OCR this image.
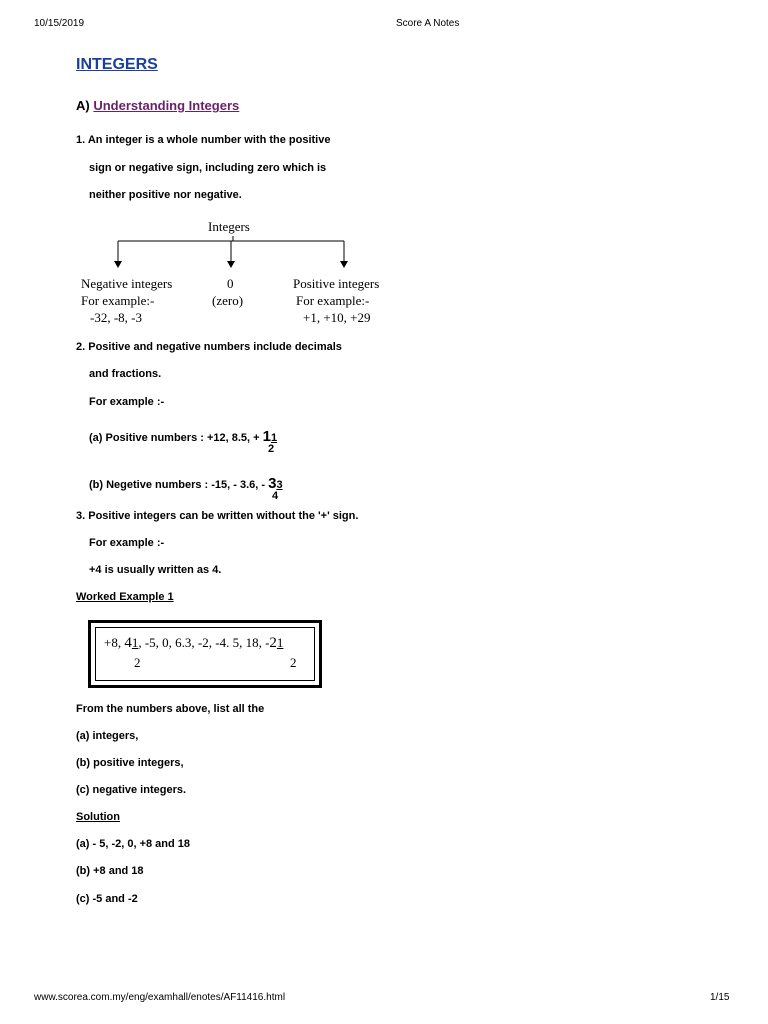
10/15/2019	Score A Notes
INTEGERS
A) Understanding Integers
1. An integer is a whole number with the positive
sign or negative sign, including zero which is
neither positive nor negative.
Integers
Negative integers
For example:-
-32, -8, -3
0
(zero)
Positive integers
For example:-
+1, +10, +29
2. Positive and negative numbers include decimals
and fractions.
For example :-
(a) Positive numbers : +12, 8.5, + 11
2
(b) Negetive numbers : -15, - 3.6, - 33
4
3. Positive integers can be written without the '+' sign.
For example :-
+4 is usually written as 4.
Worked Example 1
+8, 41, -5, 0, 6.3, -2, -4. 5, 18, -21
2	2
From the numbers above, list all the
(a) integers,
(b) positive integers,
(c) negative integers.
Solution
(a) - 5, -2, 0, +8 and 18
(b) +8 and 18
(c) -5 and -2
www.scorea.com.my/eng/examhall/enotes/AF11416.html	1/15
